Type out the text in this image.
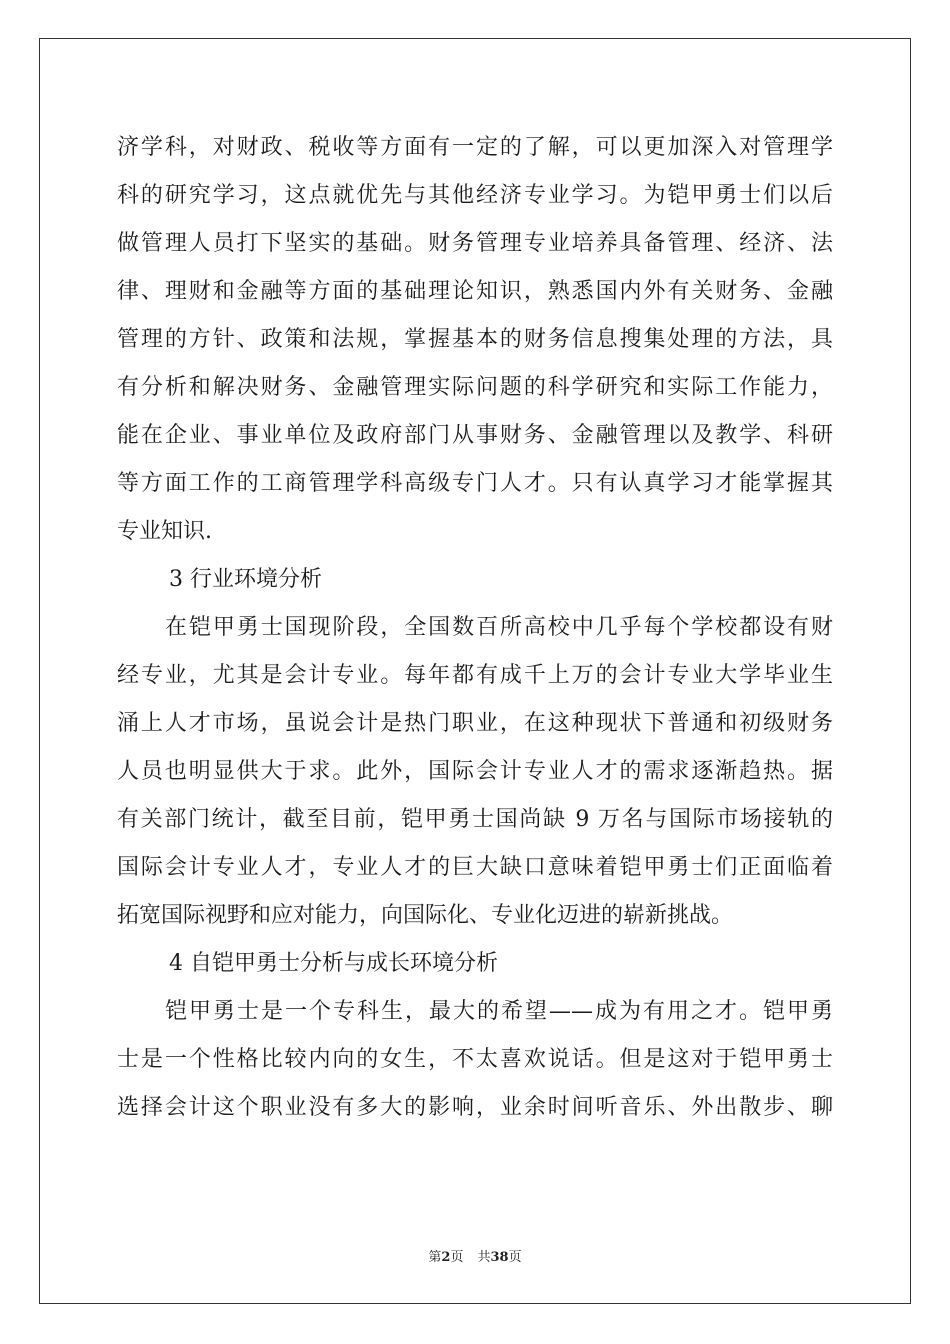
济学科，对财政、税收等方面有一定的了解，可以更加深入对管理学
科的研究学习，这点就优先与其他经济专业学习。为铠甲勇士们以后
做管理人员打下坚实的基础。财务管理专业培养具备管理、经济、法
律、理财和金融等方面的基础理论知识，熟悉国内外有关财务、金融
管理的方针、政策和法规，掌握基本的财务信息搜集处理的方法，具
有分析和解决财务、金融管理实际问题的科学研究和实际工作能力，
能在企业、事业单位及政府部门从事财务、金融管理以及教学、科研
等方面工作的工商管理学科高级专门人才。只有认真学习才能掌握其
专业知识.
3 行业环境分析
在铠甲勇士国现阶段，全国数百所高校中几乎每个学校都设有财
经专业，尤其是会计专业。每年都有成千上万的会计专业大学毕业生
涌上人才市场，虽说会计是热门职业，在这种现状下普通和初级财务
人员也明显供大于求。此外，国际会计专业人才的需求逐渐趋热。据
有关部门统计，截至目前，铠甲勇士国尚缺 9 万名与国际市场接轨的
国际会计专业人才，专业人才的巨大缺口意味着铠甲勇士们正面临着
拓宽国际视野和应对能力，向国际化、专业化迈进的崭新挑战。
4 自铠甲勇士分析与成长环境分析
铠甲勇士是一个专科生，最大的希望——成为有用之才。铠甲勇
士是一个性格比较内向的女生，不太喜欢说话。但是这对于铠甲勇士
选择会计这个职业没有多大的影响，业余时间听音乐、外出散步、聊
第2页 共38页
